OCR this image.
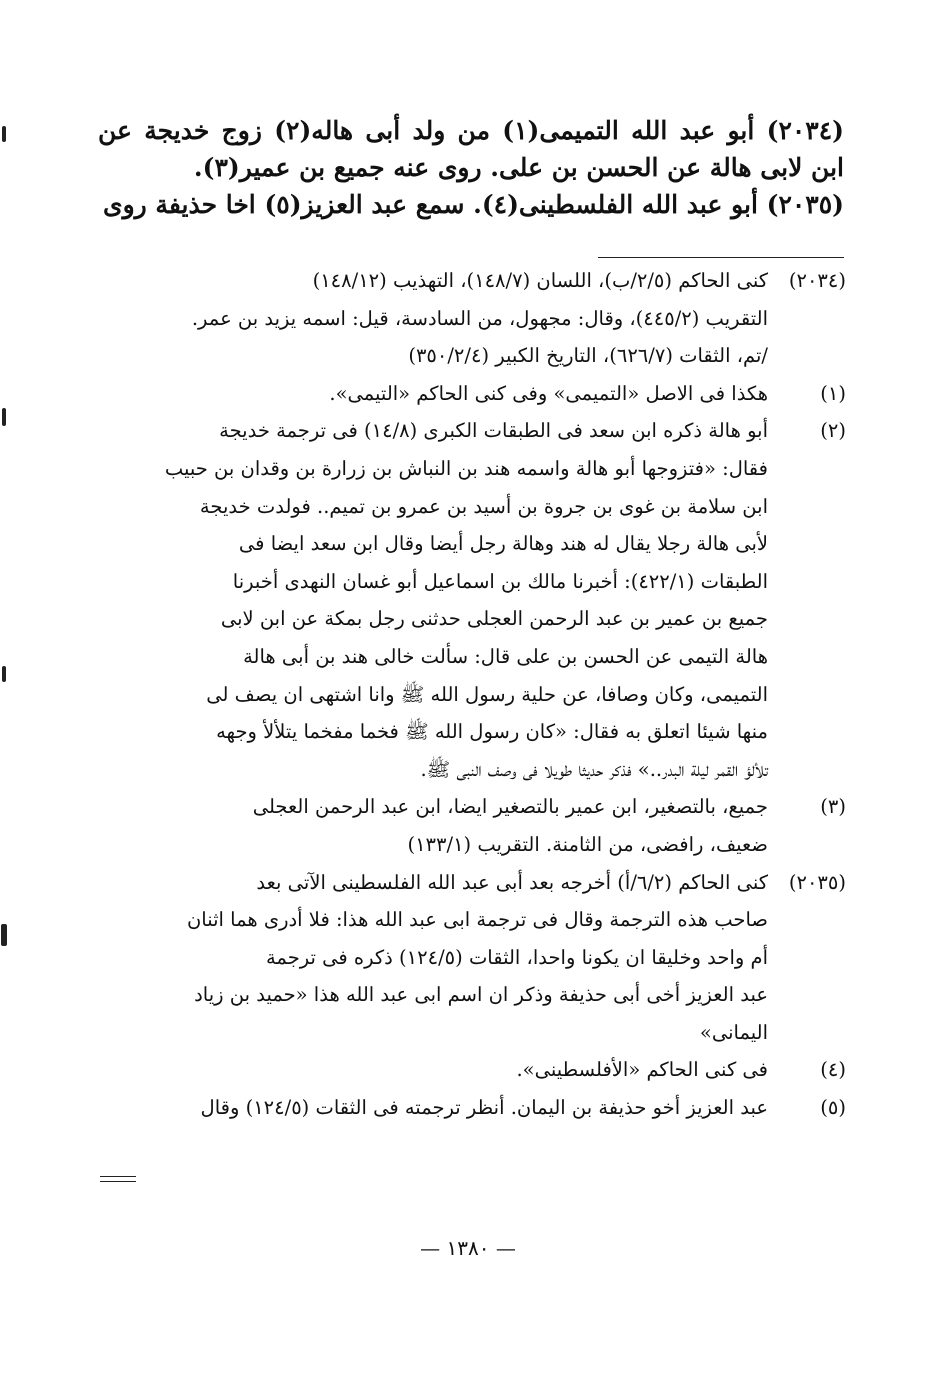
(٢٠٣٤) أبو عبد الله التميمى(١) من ولد أبى هاله(٢) زوج خديجة عن ابن لابى هالة عن الحسن بن على. روى عنه جميع بن عمير(٣).

(٢٠٣٥) أبو عبد الله الفلسطينى(٤). سمع عبد العزيز(٥) اخا حذيفة روى

(٢٠٣٤)
كنى الحاكم (٢/٥/ب)، اللسان (١٤٨/٧)، التهذيب (١٤٨/١٢)
التقريب (٤٤٥/٢)، وقال: مجهول، من السادسة، قيل: اسمه يزيد بن عمر.
/تم، الثقات (٦٢٦/٧)، التاريخ الكبير (٣٥٠/٢/٤)
(١)
هكذا فى الاصل «التميمى» وفى كنى الحاكم «التيمى».
(٢)
أبو هالة ذكره ابن سعد فى الطبقات الكبرى (١٤/٨) فى ترجمة خديجة
فقال: «فتزوجها أبو هالة واسمه هند بن النباش بن زرارة بن وقدان بن حبيب
ابن سلامة بن غوى بن جروة بن أسيد بن عمرو بن تميم.. فولدت خديجة
لأبى هالة رجلا يقال له هند وهالة رجل أيضا وقال ابن سعد ايضا فى
الطبقات (٤٢٢/١): أخبرنا مالك بن اسماعيل أبو غسان النهدى أخبرنا
جميع بن عمير بن عبد الرحمن العجلى حدثنى رجل بمكة عن ابن لابى
هالة التيمى عن الحسن بن على قال: سألت خالى هند بن أبى هالة
التميمى، وكان وصافا، عن حلية رسول الله ﷺ وانا اشتهى ان يصف لى
منها شيئا اتعلق به فقال: «كان رسول الله ﷺ فخما مفخما يتلألأ وجهه
تلألؤ القمر ليلة البدر..» فذكر حديثا طويلا فى وصف النبى ﷺ.
(٣)
جميع، بالتصغير، ابن عمير بالتصغير ايضا، ابن عبد الرحمن العجلى
ضعيف، رافضى، من الثامنة. التقريب (١٣٣/١)
(٢٠٣٥)
كنى الحاكم (٦/٢/أ) أخرجه بعد أبى عبد الله الفلسطينى الآتى بعد
صاحب هذه الترجمة وقال فى ترجمة ابى عبد الله هذا: فلا أدرى هما اثنان
أم واحد وخليقا ان يكونا واحدا، الثقات (١٢٤/٥) ذكره فى ترجمة
عبد العزيز أخى أبى حذيفة وذكر ان اسم ابى عبد الله هذا «حميد بن زياد
اليمانى»
(٤)
فى كنى الحاكم «الأفلسطينى».
(٥)
عبد العزيز أخو حذيفة بن اليمان. أنظر ترجمته فى الثقات (١٢٤/٥) وقال
— ١٣٨٠ —
